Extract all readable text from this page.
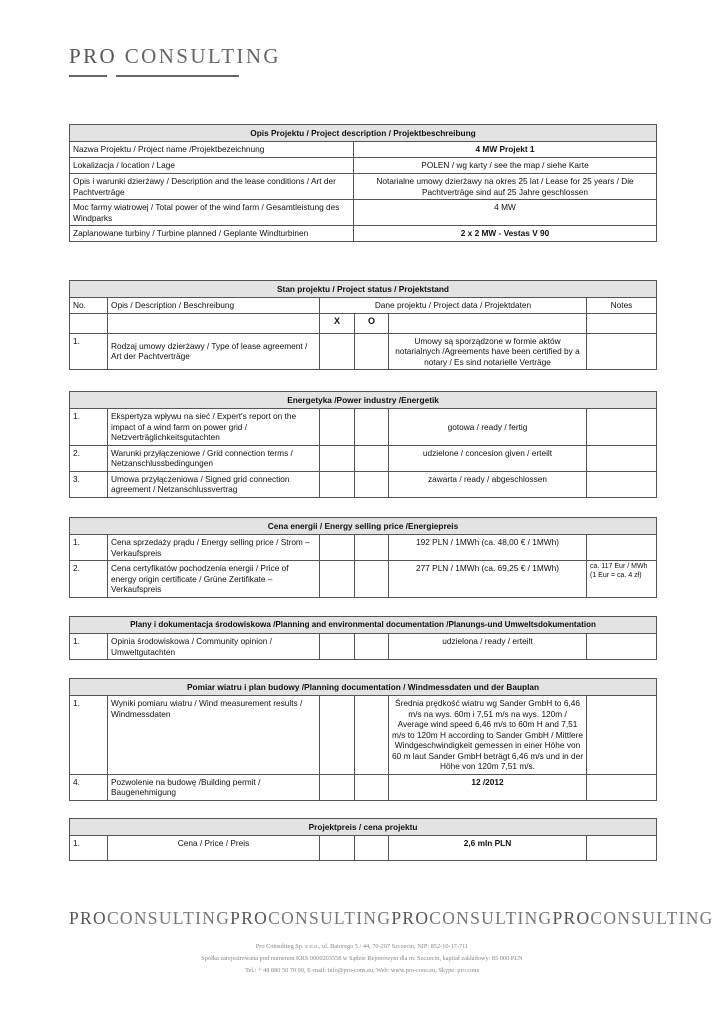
PRO CONSULTING
Opis Projektu / Project description / Projektbeschreibung	
Nazwa Projektu / Project name /Projektbezeichnung	4 MW Projekt 1
Lokalizacja / location / Lage	POLEN / wg karty / see the map / siehe Karte
Opis i warunki dzierżawy / Description and the lease conditions / Art der Pachtverträge	Notarialne umowy dzierżawy na okres 25 lat / Lease for 25 years / Die Pachtverträge sind auf 25 Jahre geschlossen
Moc farmy wiatrowej / Total power of the wind farm / Gesamtleistung des Windparks	4 MW
Zaplanowane turbiny / Turbine planned / Geplante Windturbinen	2 x 2 MW - Vestas V 90
Stan projektu / Project status / Projektstand					
No.	Opis / Description / Beschreibung	Dane projektu / Project data / Projektdaten			Notes
		X	O		
1.	Rodzaj umowy dzierżawy / Type of lease agreement / Art der Pachtverträge			Umowy są sporządzone w formie aktów notarialnych /Agreements have been certified by a notary / Es sind notarielle Verträge	
Energetyka /Power industry /Energetik					
1.	Ekspertyza wpływu na sieć / Expert's report on the impact of a wind farm on power grid / Netzverträglichkeitsgutachten			gotowa / ready / fertig	
2.	Warunki przyłączeniowe / Grid connection terms / Netzanschlussbedingungen			udzielone / concesion given / erteilt	
3.	Umowa przyłączeniowa / Signed grid connection agreement / Netzanschlussvertrag			zawarta / ready / abgeschlossen	
Cena energii / Energy selling price /Energiepreis					
1.	Cena sprzedaży prądu / Energy selling price / Strom –Verkaufspreis			192 PLN / 1MWh (ca. 48,00 € / 1MWh)	
2.	Cena certyfikatów pochodzenia energii / Price of energy origin certificate / Grüne Zertifikate – Verkaufspreis			277 PLN / 1MWh (ca. 69,25 € / 1MWh)	ca. 117 Eur / MWh (1 Eur = ca. 4 zł)
Plany i dokumentacja środowiskowa /Planning and environmental documentation /Planungs-und Umweltsdokumentation
1.	Opinia środowiskowa / Community opinion / Umweltgutachten			udzielona / ready / erteilt	
Pomiar wiatru i plan budowy /Planning documentation / Windmessdaten und der Bauplan					
1.	Wyniki pomiaru wiatru / Wind measurement results / Windmessdaten			Średnia prędkość wiatru wg Sander GmbH to 6,46 m/s na wys. 60m i 7,51 m/s na wys. 120m / Average wind speed 6,46 m/s to 60m H and 7,51 m/s to 120m H according to Sander GmbH / Mittlere Windgeschwindigkeit gemessen in einer Höhe von 60 m laut Sander GmbH beträgt 6,46 m/s und in der Höhe von 120m 7,51 m/s.	
4.	Pozwolenie na budowę /Building permit / Baugenehmigung			12 /2012	
Projektpreis / cena projektu
1.	Cena / Price / Preis			2,6 mln PLN	
PROCONSULTINGPROCONSULTINGPROCONSULTINGPROCONSULTING
Pro Consulting Sp. z o.o., ul. Batorego 5 / 44, 70-207 Szczecin, NIP: 852-10-17-711
Spółka zarejestrowana pod numerem KRS 0000203558 w Sądzie Rejonowym dla m. Szczecin, kapitał zakładowy: 85 000 PLN
Tel.: + 48 880 50 70 90, E-mail: info@pro-cons.eu, Web: www.pro-cons.eu, Skype: pro.cons
